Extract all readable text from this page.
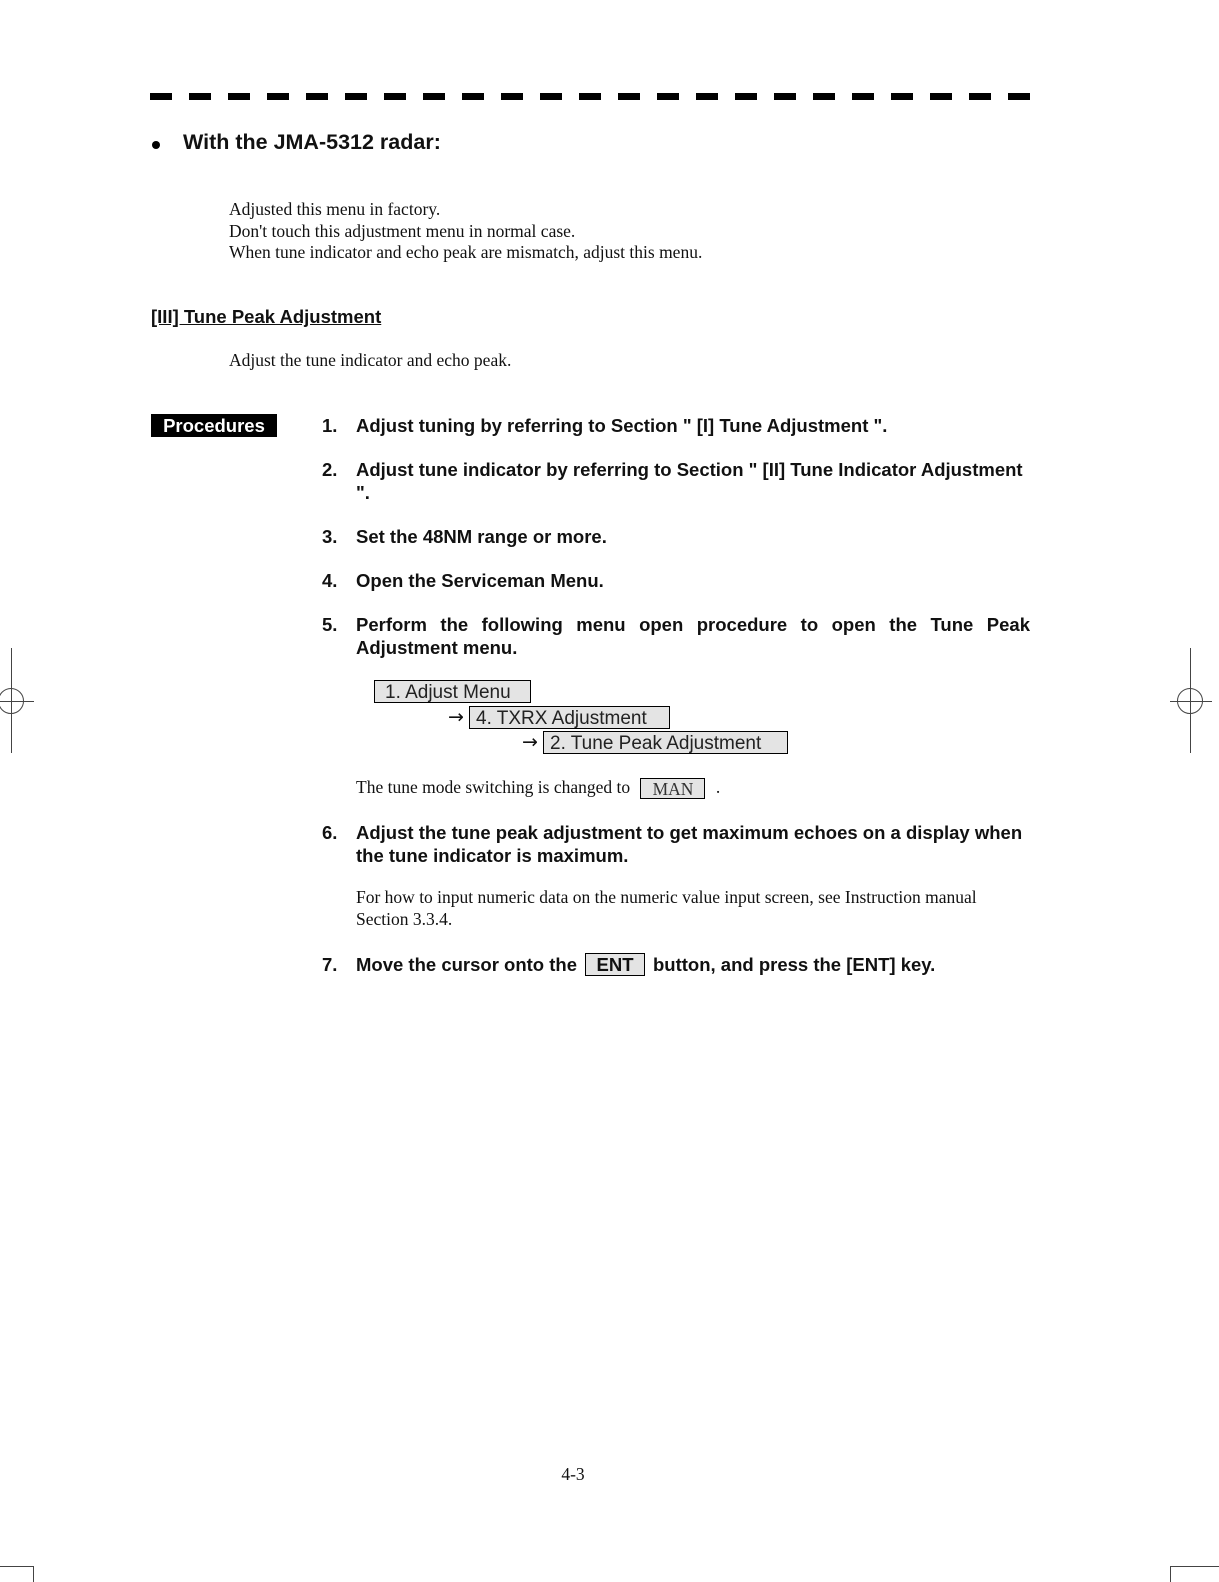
With the JMA-5312 radar:
Adjusted this menu in factory.
Don't touch this adjustment menu in normal case.
When tune indicator and echo peak are mismatch, adjust this menu.
[III] Tune Peak Adjustment
Adjust the tune indicator and echo peak.
Procedures	1. Adjust tuning by referring to Section " [I] Tune Adjustment ".
2. Adjust tune indicator by referring to Section " [II] Tune Indicator Adjustment ".
3. Set the 48NM range or more.
4. Open the Serviceman Menu.
5. Perform the following menu open procedure to open the Tune Peak Adjustment menu.
1. Adjust Menu
→ 4. TXRX Adjustment
→ 2. Tune Peak Adjustment
The tune mode switching is changed to MAN .
6. Adjust the tune peak adjustment to get maximum echoes on a display when the tune indicator is maximum.
For how to input numeric data on the numeric value input screen, see Instruction manual Section 3.3.4.
7. Move the cursor onto the ENT button, and press the [ENT] key.
4-3
